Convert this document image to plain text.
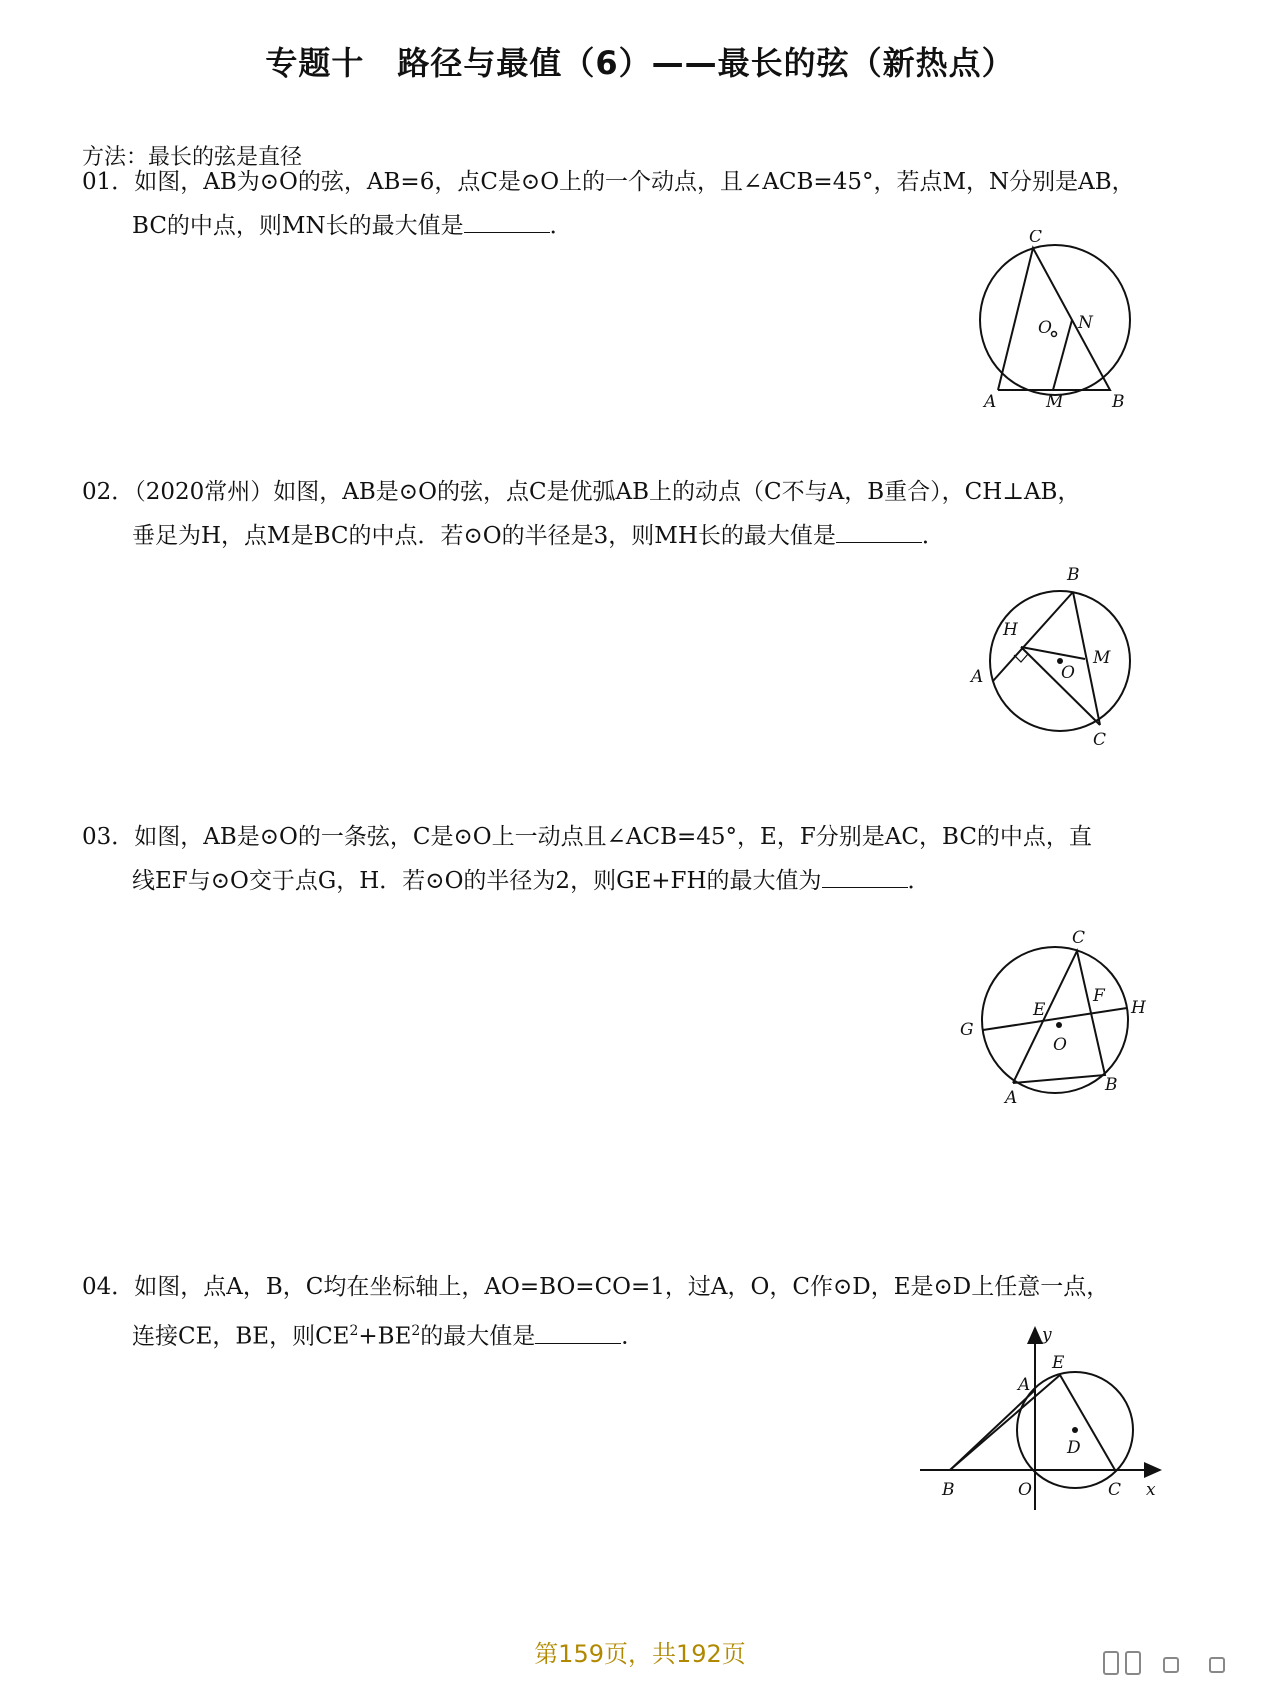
专题十　路径与最值（6）——最长的弦（新热点）
方法：最长的弦是直径
01．如图，AB为⊙O的弦，AB=6，点C是⊙O上的一个动点，且∠ACB=45°，若点M，N分别是AB，
BC的中点，则MN长的最大值是	．	C
O N
A	M	B
02．（2020常州）如图，AB是⊙O的弦，点C是优弧AB上的动点（C不与A，B重合），CH⊥AB，
垂足为H，点M是BC的中点．若⊙O的半径是3，则MH长的最大值是	．
B
H
M
A	O
C
03．如图，AB是⊙O的一条弦，C是⊙O上一动点且∠ACB=45°，E，F分别是AC，BC的中点，直
线EF与⊙O交于点G，H．若⊙O的半径为2，则GE+FH的最大值为	．
C
F
H
E
G
O
A
B
04．如图，点A，B，C均在坐标轴上，AO=BO=CO=1，过A，O，C作⊙D，E是⊙D上任意一点，
连接CE，BE，则$CE^2+BE^2$的最大值是	．	y
E
A
D
B	O	C x
第159页，共192页
